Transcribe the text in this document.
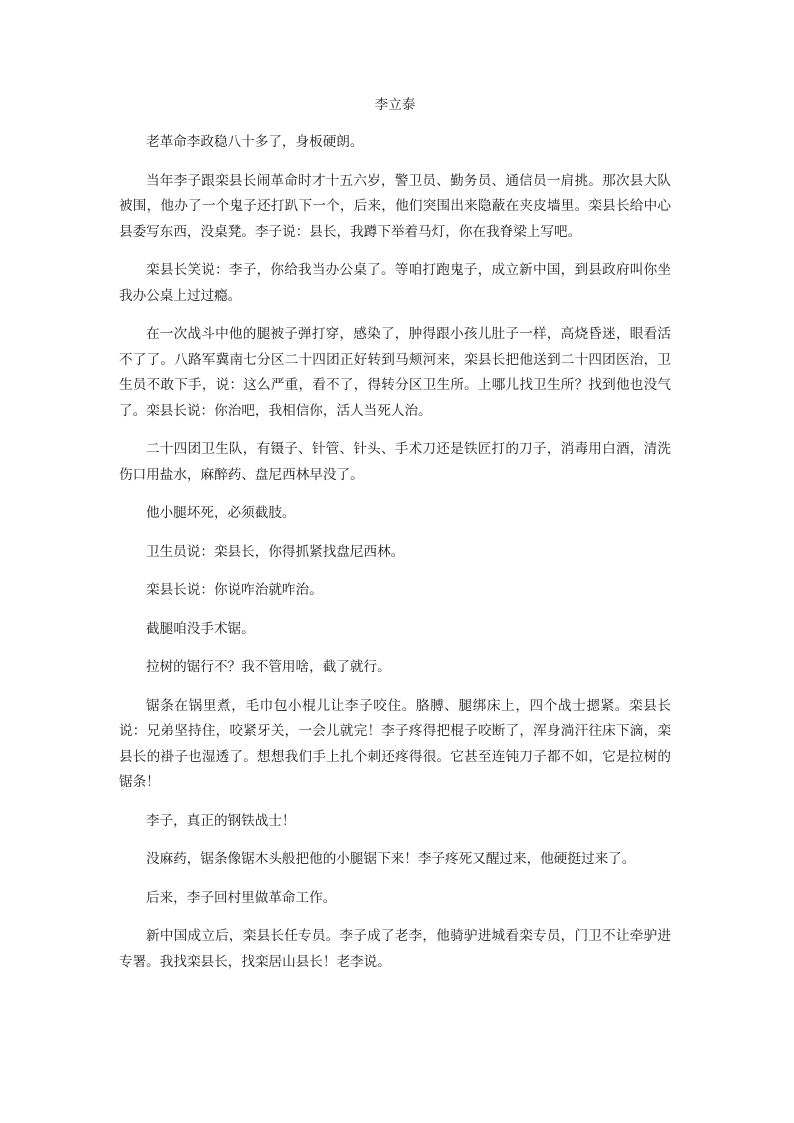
李立泰

老革命李政稳八十多了，身板硬朗。

当年李子跟栾县长闹革命时才十五六岁，警卫员、勤务员、通信员一肩挑。那次县大队被围，他办了一个鬼子还打趴下一个，后来，他们突围出来隐蔽在夹皮墙里。栾县长给中心县委写东西，没桌凳。李子说：县长，我蹲下举着马灯，你在我脊梁上写吧。

栾县长笑说：李子，你给我当办公桌了。等咱打跑鬼子，成立新中国，到县政府叫你坐我办公桌上过过瘾。

在一次战斗中他的腿被子弹打穿，感染了，肿得跟小孩儿肚子一样，高烧昏迷，眼看活不了了。八路军冀南七分区二十四团正好转到马颊河来，栾县长把他送到二十四团医治，卫生员不敢下手，说：这么严重，看不了，得转分区卫生所。上哪儿找卫生所？找到他也没气了。栾县长说：你治吧，我相信你，活人当死人治。

二十四团卫生队，有镊子、针管、针头、手术刀还是铁匠打的刀子，消毒用白酒，清洗伤口用盐水，麻醉药、盘尼西林早没了。

他小腿坏死，必须截肢。

卫生员说：栾县长，你得抓紧找盘尼西林。

栾县长说：你说咋治就咋治。

截腿咱没手术锯。

拉树的锯行不？我不管用啥，截了就行。

锯条在锅里煮，毛巾包小棍儿让李子咬住。胳膊、腿绑床上，四个战士摁紧。栾县长说：兄弟坚持住，咬紧牙关，一会儿就完！李子疼得把棍子咬断了，浑身淌汗往床下滴，栾县长的褂子也湿透了。想想我们手上扎个刺还疼得很。它甚至连钝刀子都不如，它是拉树的锯条！

李子，真正的钢铁战士！

没麻药，锯条像锯木头般把他的小腿锯下来！李子疼死又醒过来，他硬挺过来了。

后来，李子回村里做革命工作。

新中国成立后，栾县长任专员。李子成了老李，他骑驴进城看栾专员，门卫不让牵驴进专署。我找栾县长，找栾居山县长！老李说。
